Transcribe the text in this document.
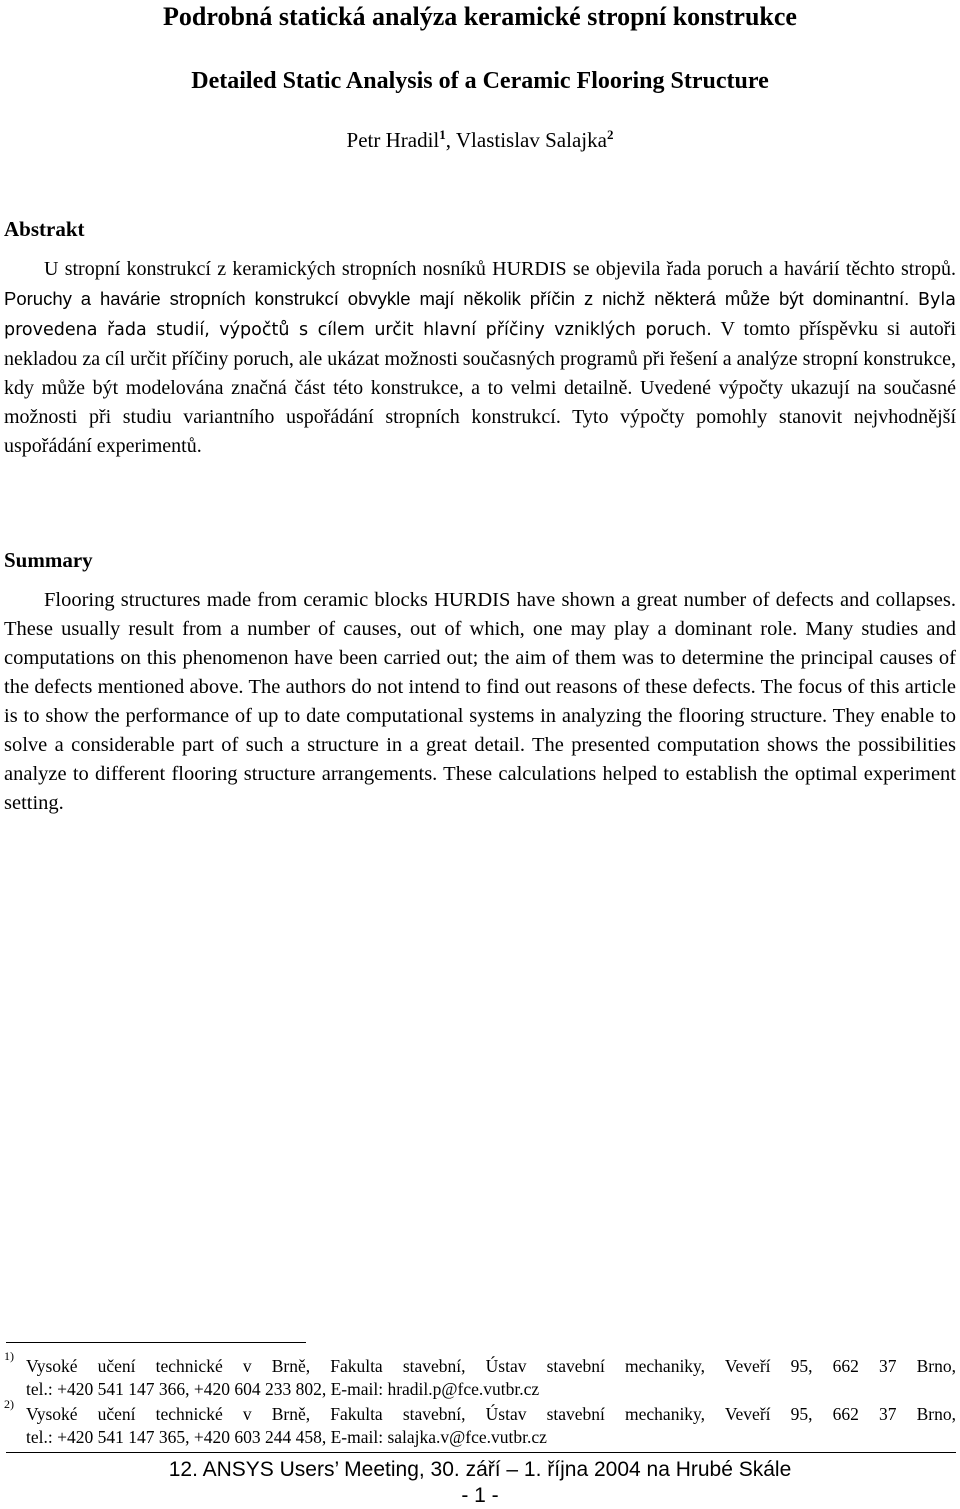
Podrobná statická analýza keramické stropní konstrukce
Detailed Static Analysis of a Ceramic Flooring Structure
Petr Hradil$^1$, Vlastislav Salajka$^2$
Abstrakt
U stropní konstrukcí z keramických stropních nosníků HURDIS se objevila řada poruch a havárií těchto stropů. Poruchy a havárie stropních konstrukcí obvykle mají několik příčin z nichž některá může být dominantní. Byla provedena řada studií, výpočtů s cílem určit hlavní příčiny vzniklých poruch. V tomto příspěvku si autoři nekladou za cíl určit příčiny poruch, ale ukázat možnosti současných programů při řešení a analýze stropní konstrukce, kdy může být modelována značná část této konstrukce, a to velmi detailně. Uvedené výpočty ukazují na současné možnosti při studiu variantního uspořádání stropních konstrukcí. Tyto výpočty pomohly stanovit nejvhodnější uspořádání experimentů.
Summary
Flooring structures made from ceramic blocks HURDIS have shown a great number of defects and collapses. These usually result from a number of causes, out of which, one may play a dominant role. Many studies and computations on this phenomenon have been carried out; the aim of them was to determine the principal causes of the defects mentioned above. The authors do not intend to find out reasons of these defects. The focus of this article is to show the performance of up to date computational systems in analyzing the flooring structure. They enable to solve a considerable part of such a structure in a great detail. The presented computation shows the possibilities analyze to different flooring structure arrangements. These calculations helped to establish the optimal experiment setting.
1) Vysoké učení technické v Brně, Fakulta stavební, Ústav stavební mechaniky, Veveří 95, 662 37 Brno,
tel.: +420 541 147 366, +420 604 233 802, E-mail: hradil.p@fce.vutbr.cz
2) Vysoké učení technické v Brně, Fakulta stavební, Ústav stavební mechaniky, Veveří 95, 662 37 Brno,
tel.: +420 541 147 365, +420 603 244 458, E-mail: salajka.v@fce.vutbr.cz
12. ANSYS Users’ Meeting, 30. září – 1. října 2004 na Hrubé Skále
- 1 -
